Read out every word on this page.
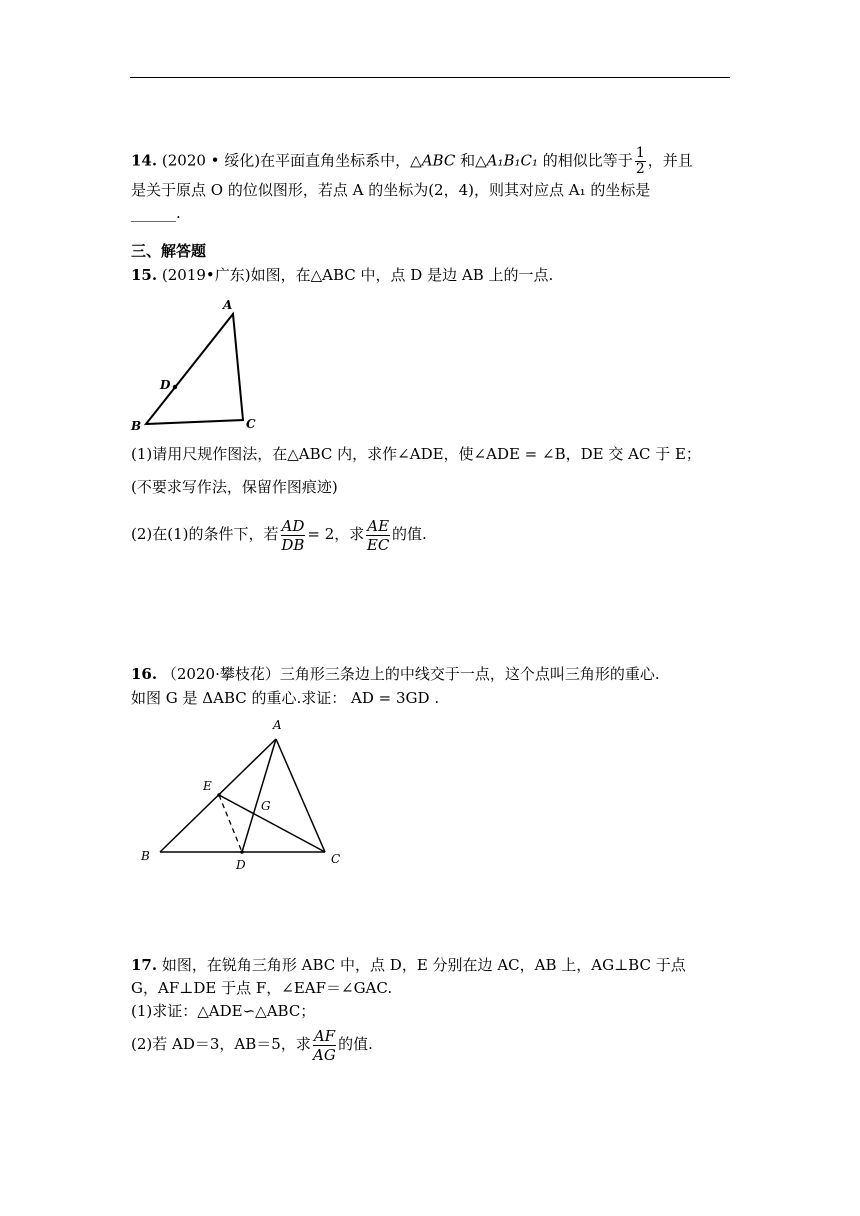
14. (2020 • 绥化)在平面直角坐标系中，△ABC 和△A₁B₁C₁ 的相似比等于 $\frac{1}{2}$ ，并且
是关于原点 O 的位似图形，若点 A 的坐标为(2，4)，则其对应点 A₁ 的坐标是
______.
三、解答题
15. (2019•广东)如图，在△ABC 中，点 D 是边 AB 上的一点.
A
B	C
D
(1)请用尺规作图法，在△ABC 内，求作∠ADE，使∠ADE = ∠B，DE 交 AC 于 E；
(不要求写作法，保留作图痕迹)
(2)在(1)的条件下，若 $\frac{AD}{DB} = 2$，求 $\frac{AE}{EC}$ 的值.
16. （2020·攀枝花）三角形三条边上的中线交于一点，这个点叫三角形的重心.
如图 G 是 ΔABC 的重心.求证： AD = 3GD .
A
B	C
D
E
G
17. 如图，在锐角三角形 ABC 中，点 D，E 分别在边 AC，AB 上，AG⊥BC 于点
G，AF⊥DE 于点 F，∠EAF＝∠GAC.
(1)求证：△ADE∽△ABC；
(2)若 AD＝3，AB＝5，求 $\frac{AF}{AG}$ 的值.
